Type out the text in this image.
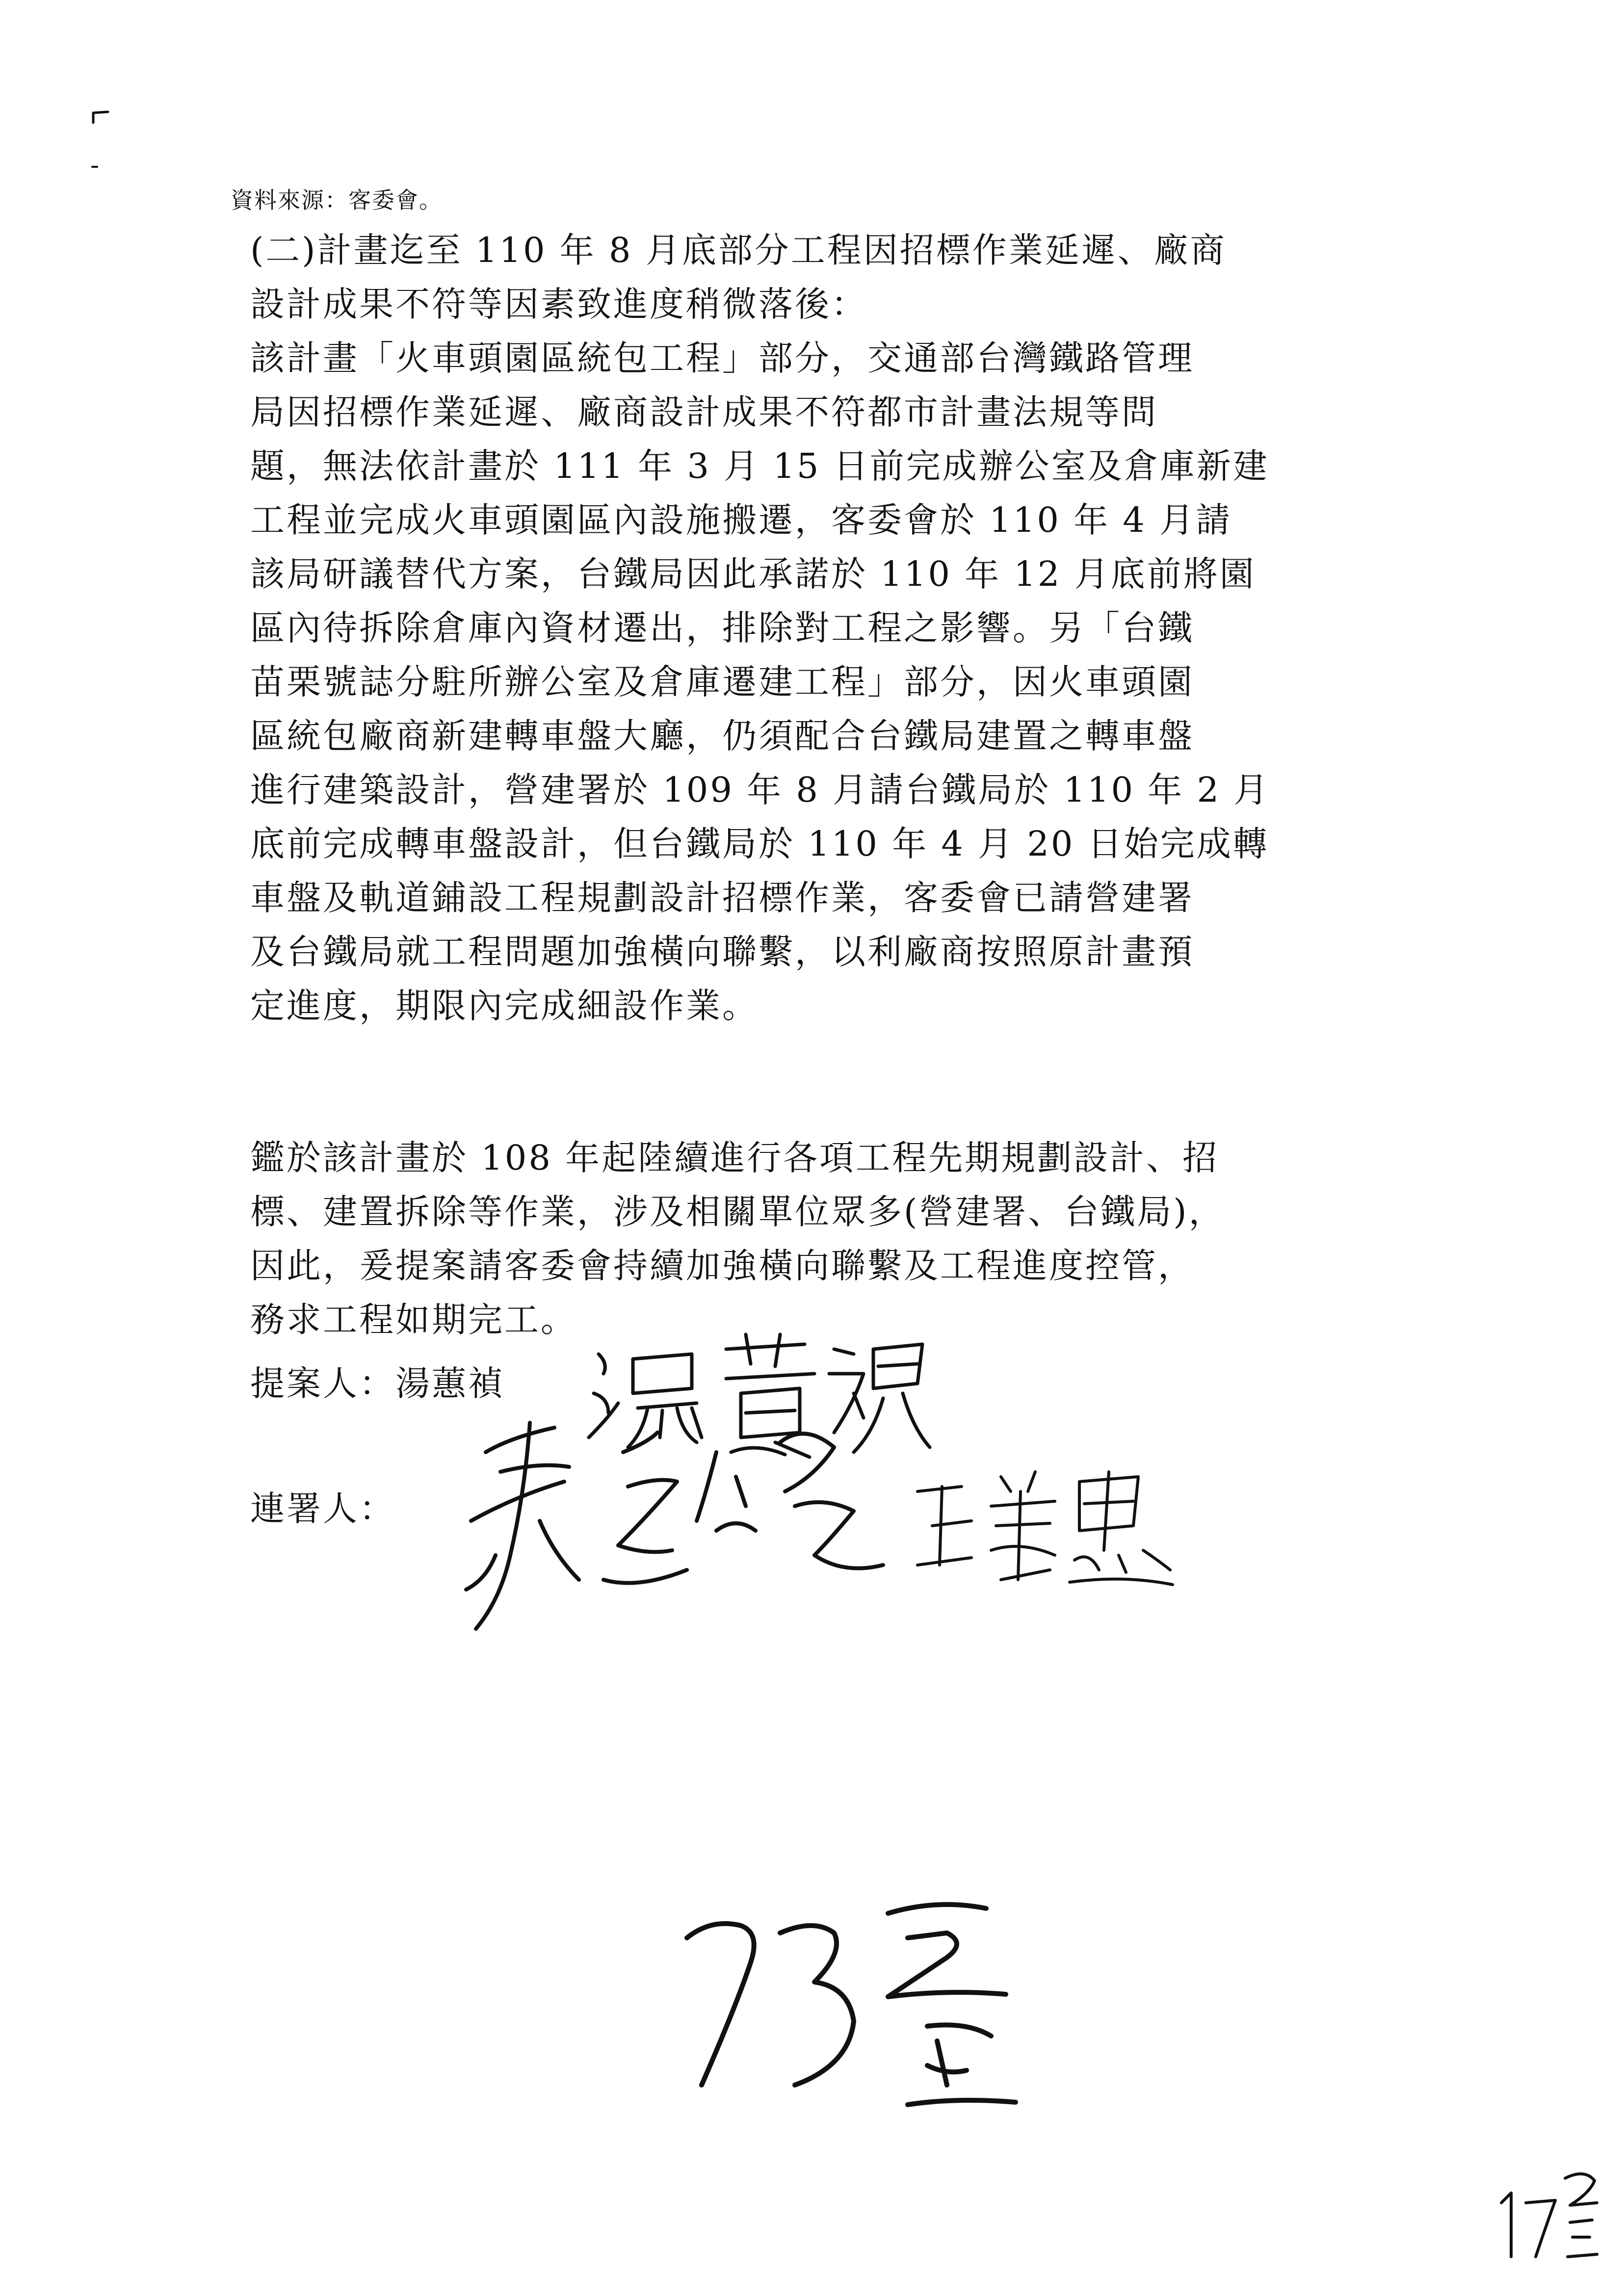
資料來源：客委會。
(二)計畫迄至 110 年 8 月底部分工程因招標作業延遲、廠商
設計成果不符等因素致進度稍微落後：
該計畫「火車頭園區統包工程」部分，交通部台灣鐵路管理
局因招標作業延遲、廠商設計成果不符都市計畫法規等問
題，無法依計畫於 111 年 3 月 15 日前完成辦公室及倉庫新建
工程並完成火車頭園區內設施搬遷，客委會於 110 年 4 月請
該局研議替代方案，台鐵局因此承諾於 110 年 12 月底前將園
區內待拆除倉庫內資材遷出，排除對工程之影響。另「台鐵
苗栗號誌分駐所辦公室及倉庫遷建工程」部分，因火車頭園
區統包廠商新建轉車盤大廳，仍須配合台鐵局建置之轉車盤
進行建築設計，營建署於 109 年 8 月請台鐵局於 110 年 2 月
底前完成轉車盤設計，但台鐵局於 110 年 4 月 20 日始完成轉
車盤及軌道鋪設工程規劃設計招標作業，客委會已請營建署
及台鐵局就工程問題加強橫向聯繫，以利廠商按照原計畫預
定進度，期限內完成細設作業。
鑑於該計畫於 108 年起陸續進行各項工程先期規劃設計、招
標、建置拆除等作業，涉及相關單位眾多(營建署、台鐵局)，
因此，爰提案請客委會持續加強橫向聯繫及工程進度控管，
務求工程如期完工。
提案人：湯蕙禎
連署人：
